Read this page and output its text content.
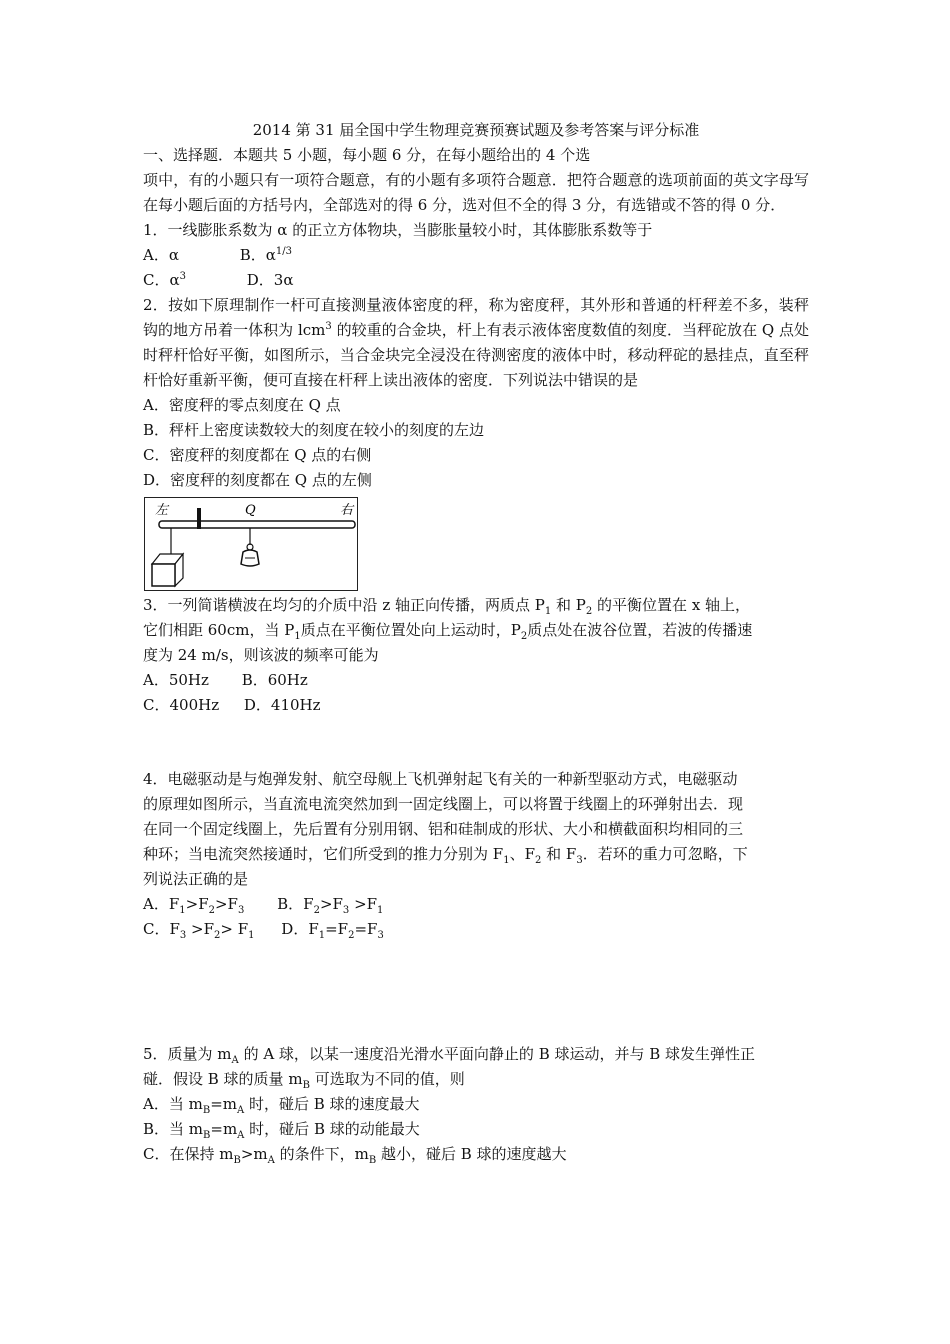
2014 第 31 届全国中学生物理竞赛预赛试题及参考答案与评分标准
一、选择题．本题共 5 小题，每小题 6 分，在每小题给出的 4 个选
项中，有的小题只有一项符合题意，有的小题有多项符合题意．把符合题意的选项前面的英文字母写在每小题后面的方括号内，全部选对的得 6 分，选对但不全的得 3 分，有选错或不答的得 0 分．
1．一线膨胀系数为 α 的正立方体物块，当膨胀量较小时，其体膨胀系数等于
A．α	B．$\alpha^{1/3}$
C．$\alpha^3$	D．3α
2．按如下原理制作一杆可直接测量液体密度的秤，称为密度秤，其外形和普通的杆秤差不多，装秤钩的地方吊着一体积为 lcm$^3$ 的较重的合金块，杆上有表示液体密度数值的刻度．当秤砣放在 Q 点处时秤杆恰好平衡，如图所示，当合金块完全浸没在待测密度的液体中时，移动秤砣的悬挂点，直至秤杆恰好重新平衡，便可直接在杆秤上读出液体的密度．下列说法中错误的是
A．密度秤的零点刻度在 Q 点
B．秤杆上密度读数较大的刻度在较小的刻度的左边
C．密度秤的刻度都在 Q 点的右侧
D．密度秤的刻度都在 Q 点的左侧
左	Q	右
3．一列简谐横波在均匀的介质中沿 z 轴正向传播，两质点 $P_1$ 和 $P_2$ 的平衡位置在 x 轴上，
它们相距 60cm，当 $P_1$质点在平衡位置处向上运动时，$P_2$质点处在波谷位置，若波的传播速
度为 24 m/s，则该波的频率可能为
A．50Hz B．60Hz
C．400Hz D．410Hz
4．电磁驱动是与炮弹发射、航空母舰上飞机弹射起飞有关的一种新型驱动方式，电磁驱动
的原理如图所示，当直流电流突然加到一固定线圈上，可以将置于线圈上的环弹射出去．现
在同一个固定线圈上，先后置有分别用钢、铝和硅制成的形状、大小和横截面积均相同的三
种环；当电流突然接通时，它们所受到的推力分别为 $F_1$、$F_2$ 和 $F_3$．若环的重力可忽略，下
列说法正确的是
A．$F_1>F_2>F_3$ B．$F_2>F_3 >F_1$
C．$F_3 >F_2> F_1$ D．$F_1=F_2=F_3$
5．质量为 $m_A$ 的 A 球，以某一速度沿光滑水平面向静止的 B 球运动，并与 B 球发生弹性正
碰．假设 B 球的质量 $m_B$ 可选取为不同的值，则
A．当 $m_B=m_A$ 时，碰后 B 球的速度最大
B．当 $m_B=m_A$ 时，碰后 B 球的动能最大
C．在保持 $m_B>m_A$ 的条件下，$m_B$ 越小，碰后 B 球的速度越大
